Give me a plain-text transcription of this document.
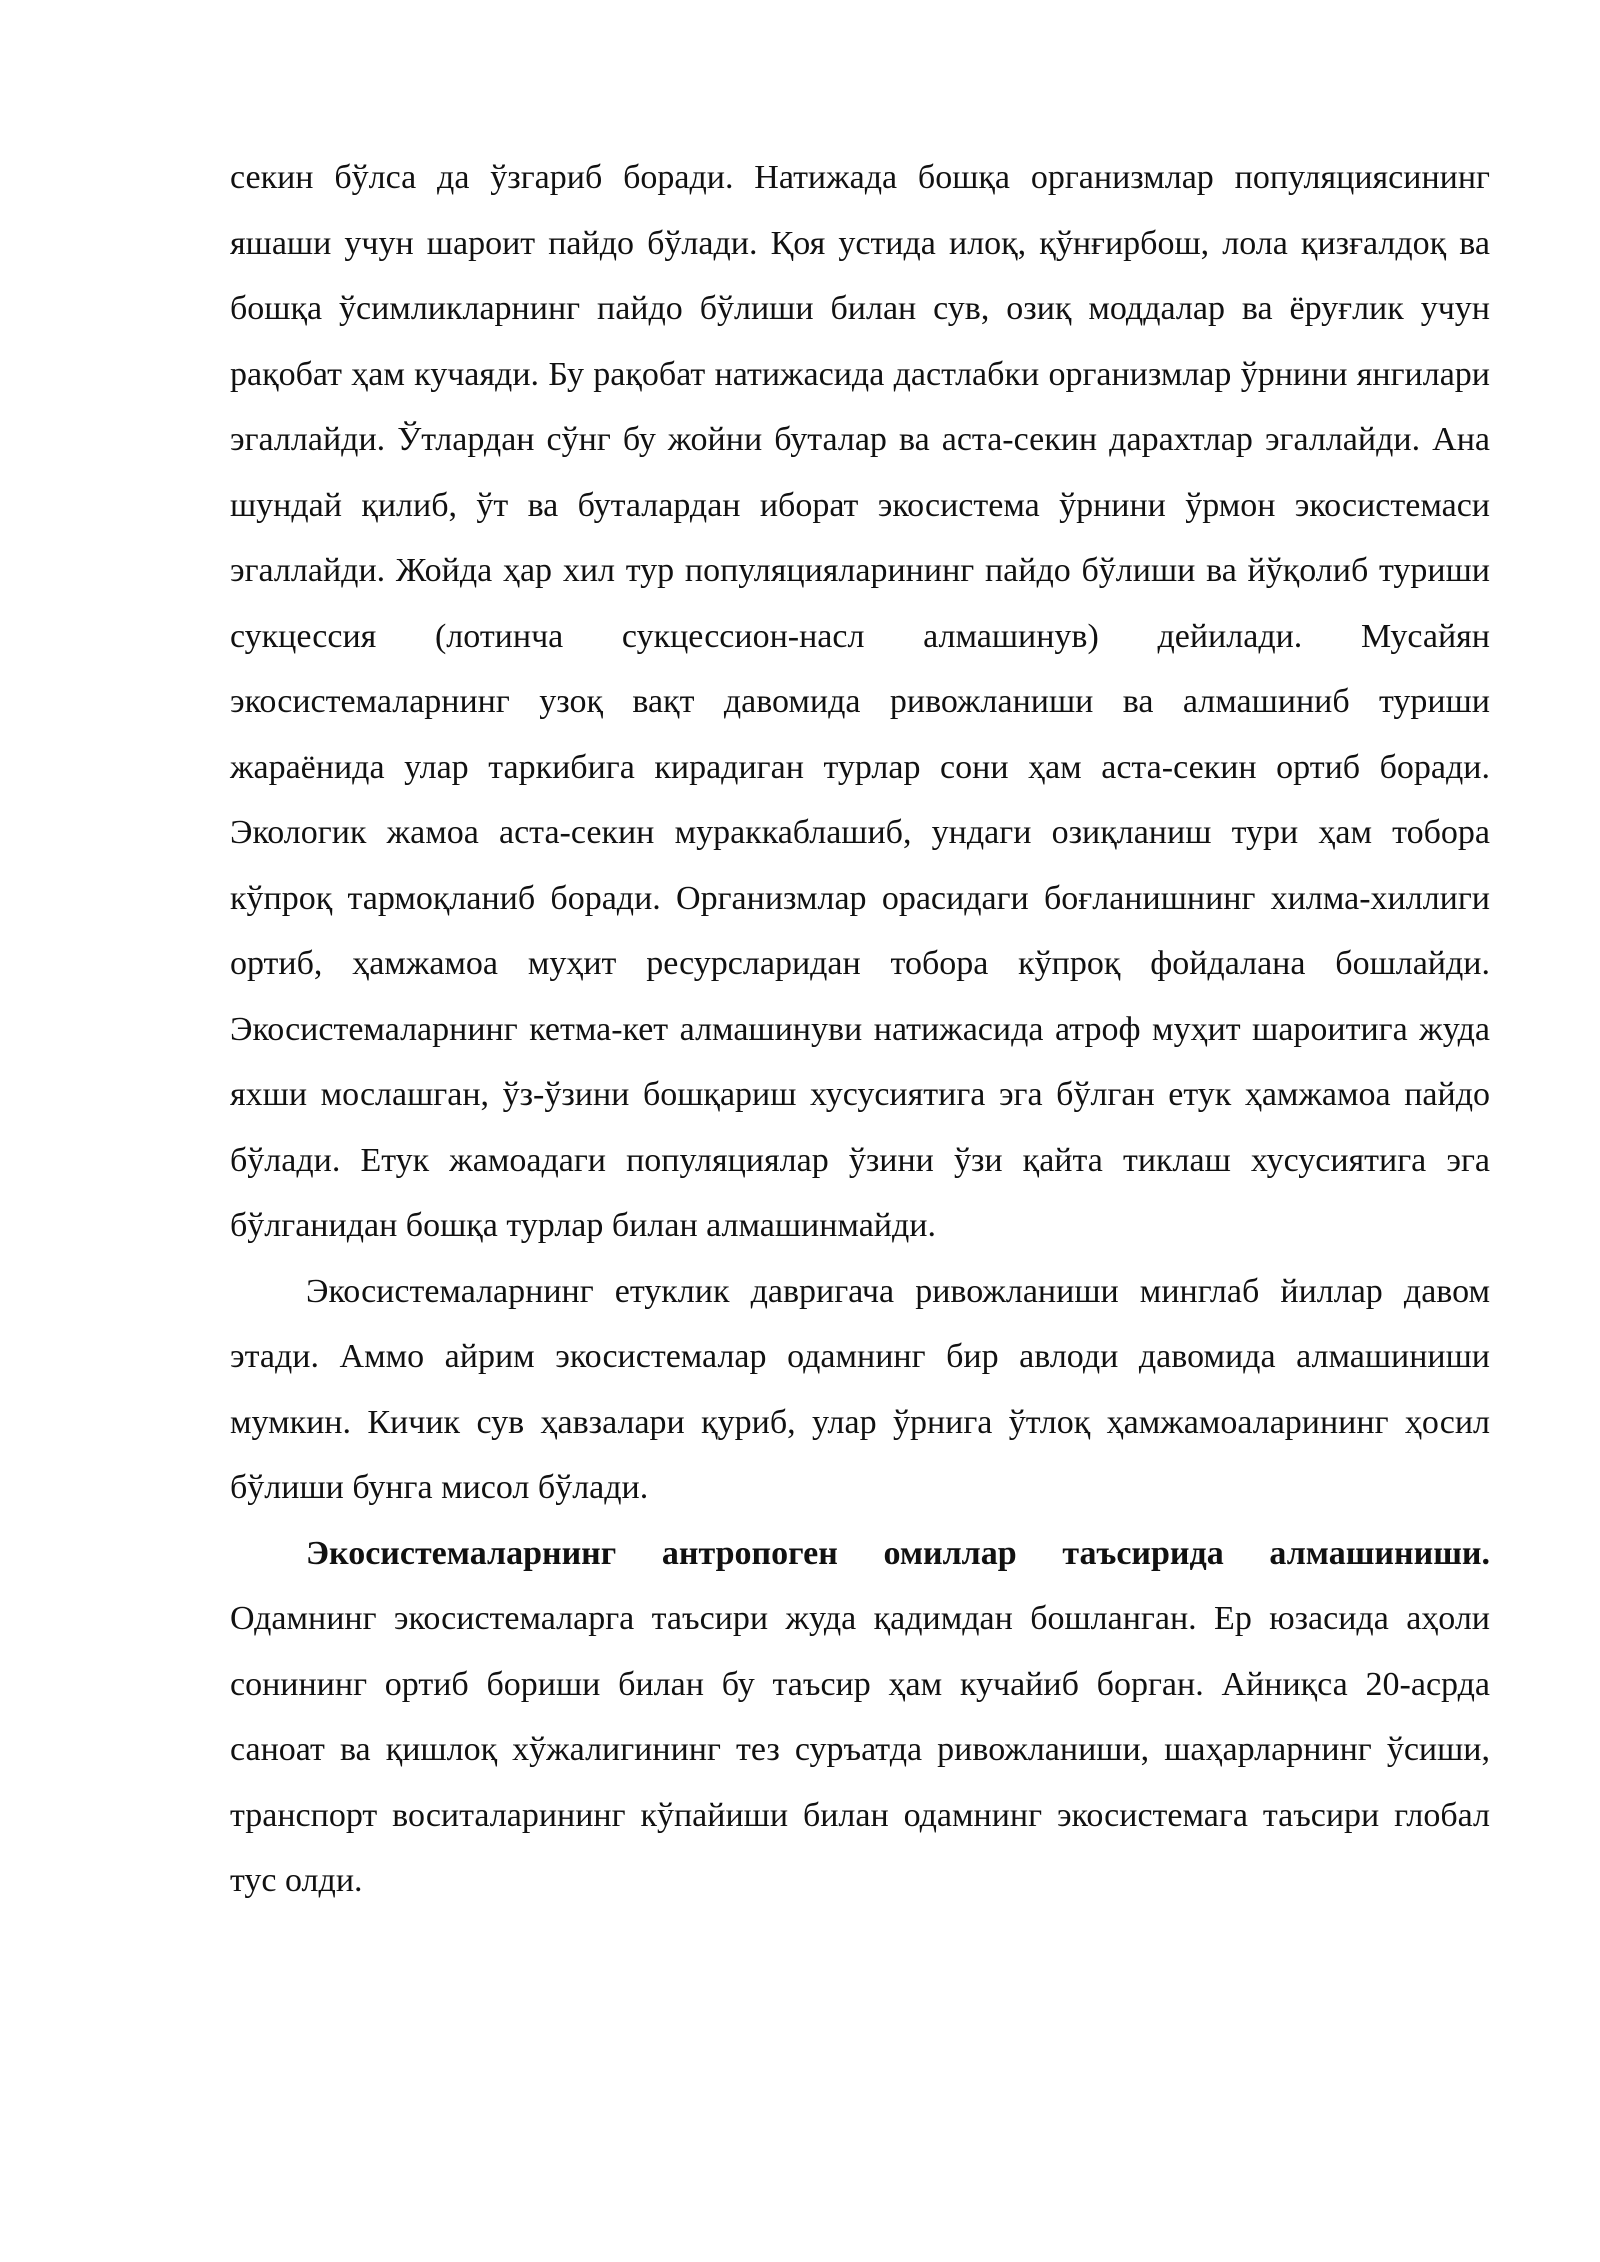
секин бўлса да ўзгариб боради. Натижада бошқа организмлар популяциясининг яшаши учун шароит пайдо бўлади. Қоя устида илоқ, қўнғирбош, лола қизғалдоқ ва бошқа ўсимликларнинг пайдо бўлиши билан сув, озиқ моддалар ва ёруғлик учун рақобат ҳам кучаяди. Бу рақобат натижасида дастлабки организмлар ўрнини янгилари эгаллайди. Ўтлардан сўнг бу жойни буталар ва аста-секин дарахтлар эгаллайди. Ана шундай қилиб, ўт ва буталардан иборат экосистема ўрнини ўрмон экосистемаси эгаллайди. Жойда ҳар хил тур популяцияларининг пайдо бўлиши ва йўқолиб туриши сукцессия (лотинча сукцессион-насл алмашинув) дейилади. Мусайян экосистемаларнинг узоқ вақт давомида ривожланиши ва алмашиниб туриши жараёнида улар таркибига кирадиган турлар сони ҳам аста-секин ортиб боради. Экологик жамоа аста-секин мураккаблашиб, ундаги озиқланиш тури ҳам тобора кўпроқ тармоқланиб боради. Организмлар орасидаги боғланишнинг хилма-хиллиги ортиб, ҳамжамоа муҳит ресурсларидан тобора кўпроқ фойдалана бошлайди. Экосистемаларнинг кетма-кет алмашинуви натижасида атроф муҳит шароитига жуда яхши мослашган, ўз-ўзини бошқариш хусусиятига эга бўлган етук ҳамжамоа пайдо бўлади. Етук жамоадаги популяциялар ўзини ўзи қайта тиклаш хусусиятига эга бўлганидан бошқа турлар билан алмашинмайди.

Экосистемаларнинг етуклик давригача ривожланиши минглаб йиллар давом этади. Аммо айрим экосистемалар одамнинг бир авлоди давомида алмашиниши мумкин. Кичик сув ҳавзалари қуриб, улар ўрнига ўтлоқ ҳамжамоаларининг ҳосил бўлиши бунга мисол бўлади.

Экосистемаларнинг антропоген омиллар таъсирида алмашиниши. Одамнинг экосистемаларга таъсири жуда қадимдан бошланган. Ер юзасида аҳоли сонининг ортиб бориши билан бу таъсир ҳам кучайиб борган. Айниқса 20-асрда саноат ва қишлоқ хўжалигининг тез суръатда ривожланиши, шаҳарларнинг ўсиши, транспорт воситаларининг кўпайиши билан одамнинг экосистемага таъсири глобал тус олди.
